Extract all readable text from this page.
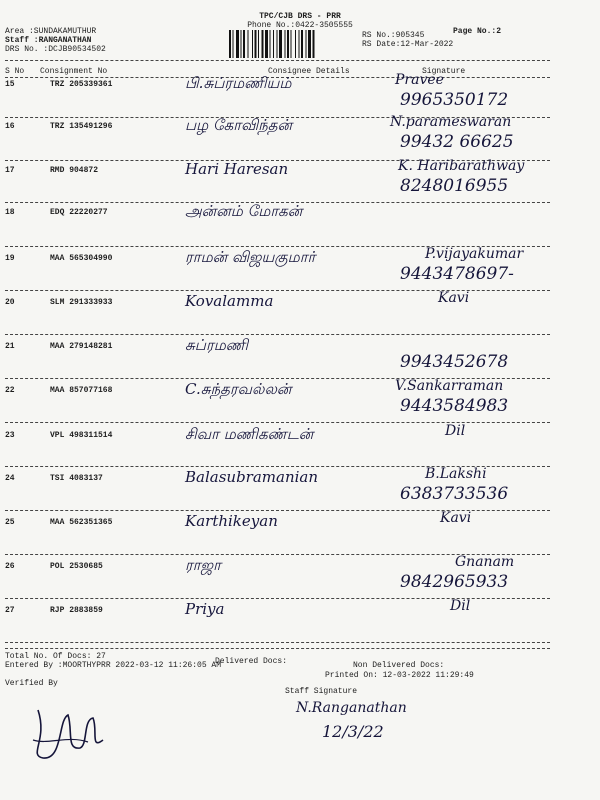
TPC/CJB DRS - PRR
Phone No.:0422-3505555
Page No.:2
Area :SUNDAKAMUTHUR
Staff :RANGANATHAN
DRS No. :DCJB90534502
RS No.:905345
RS Date:12-Mar-2022
S No Consignment No	Consignee Details	Signature
15	TRZ 205339361	பி.சுப்ரமணியம்	Pravee
9965350172
16	TRZ 135491296	பழ கோவிந்தன்	N.parameswaran
99432 66625
17	RMD 904872	Hari Haresan	K. Haribarathway
8248016955
18	EDQ 22220277	அன்னம் மோகன்
19	MAA 565304990	ராமன் விஜயகுமார்	P.vijayakumar
9443478697-
20	SLM 291333933	Kovalamma	Kavi
21	MAA 279148281	சுப்ரமணி
9943452678
22	MAA 857077168	C.சுந்தரவல்லன்	V.Sankarraman
9443584983
23	VPL 498311514	சிவா மணிகண்டன்	Dil
24	TSI 4083137	Balasubramanian	B.Lakshi
6383733536
25	MAA 562351365	Karthikeyan	Kavi
26	POL 2530685	ராஜா	Gnanam
9842965933
27	RJP 2883859	Priya	Dil
Total No. Of Docs: 27
Delivered Docs:	Non Delivered Docs:
Entered By :MOORTHYPRR 2022-03-12 11:26:05 AM
Printed On: 12-03-2022 11:29:49
Verified By
Staff Signature
N.Ranganathan
12/3/22
